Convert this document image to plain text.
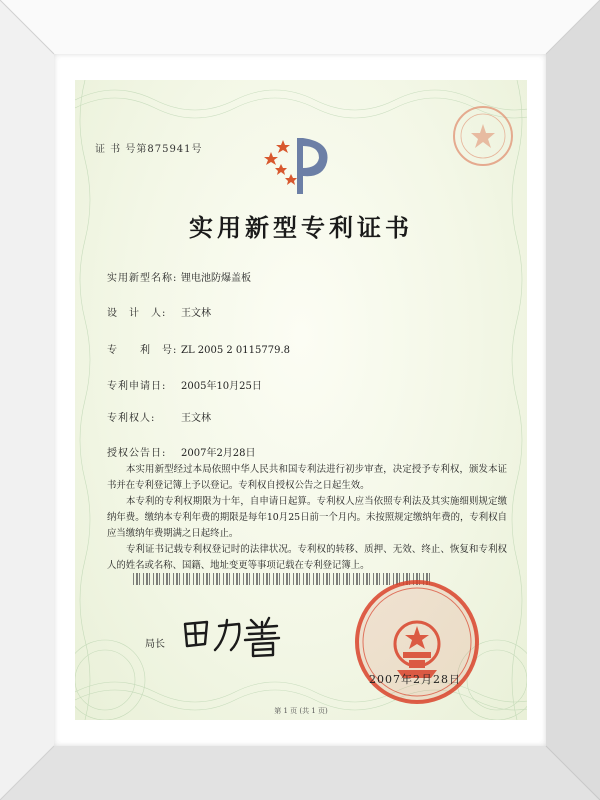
证 书 号第875941号
实用新型专利证书
实用新型名称: 锂电池防爆盖板
设　计　人: 王文林
专　　利　号: ZL 2005 2 0115779.8
专利申请日: 2005年10月25日
专利权人:	王文林
授权公告日: 2007年2月28日

本实用新型经过本局依照中华人民共和国专利法进行初步审查，决定授予专利权，颁发本证书并在专利登记簿上予以登记。专利权自授权公告之日起生效。

本专利的专利权期限为十年，自申请日起算。专利权人应当依照专利法及其实施细则规定缴纳年费。缴纳本专利年费的期限是每年10月25日前一个月内。未按照规定缴纳年费的，专利权自应当缴纳年费期满之日起终止。

专利证书记载专利权登记时的法律状况。专利权的转移、质押、无效、终止、恢复和专利权人的姓名或名称、国籍、地址变更等事项记载在专利登记簿上。

局长
2007年2月28日
第 1 页 (共 1 页)
